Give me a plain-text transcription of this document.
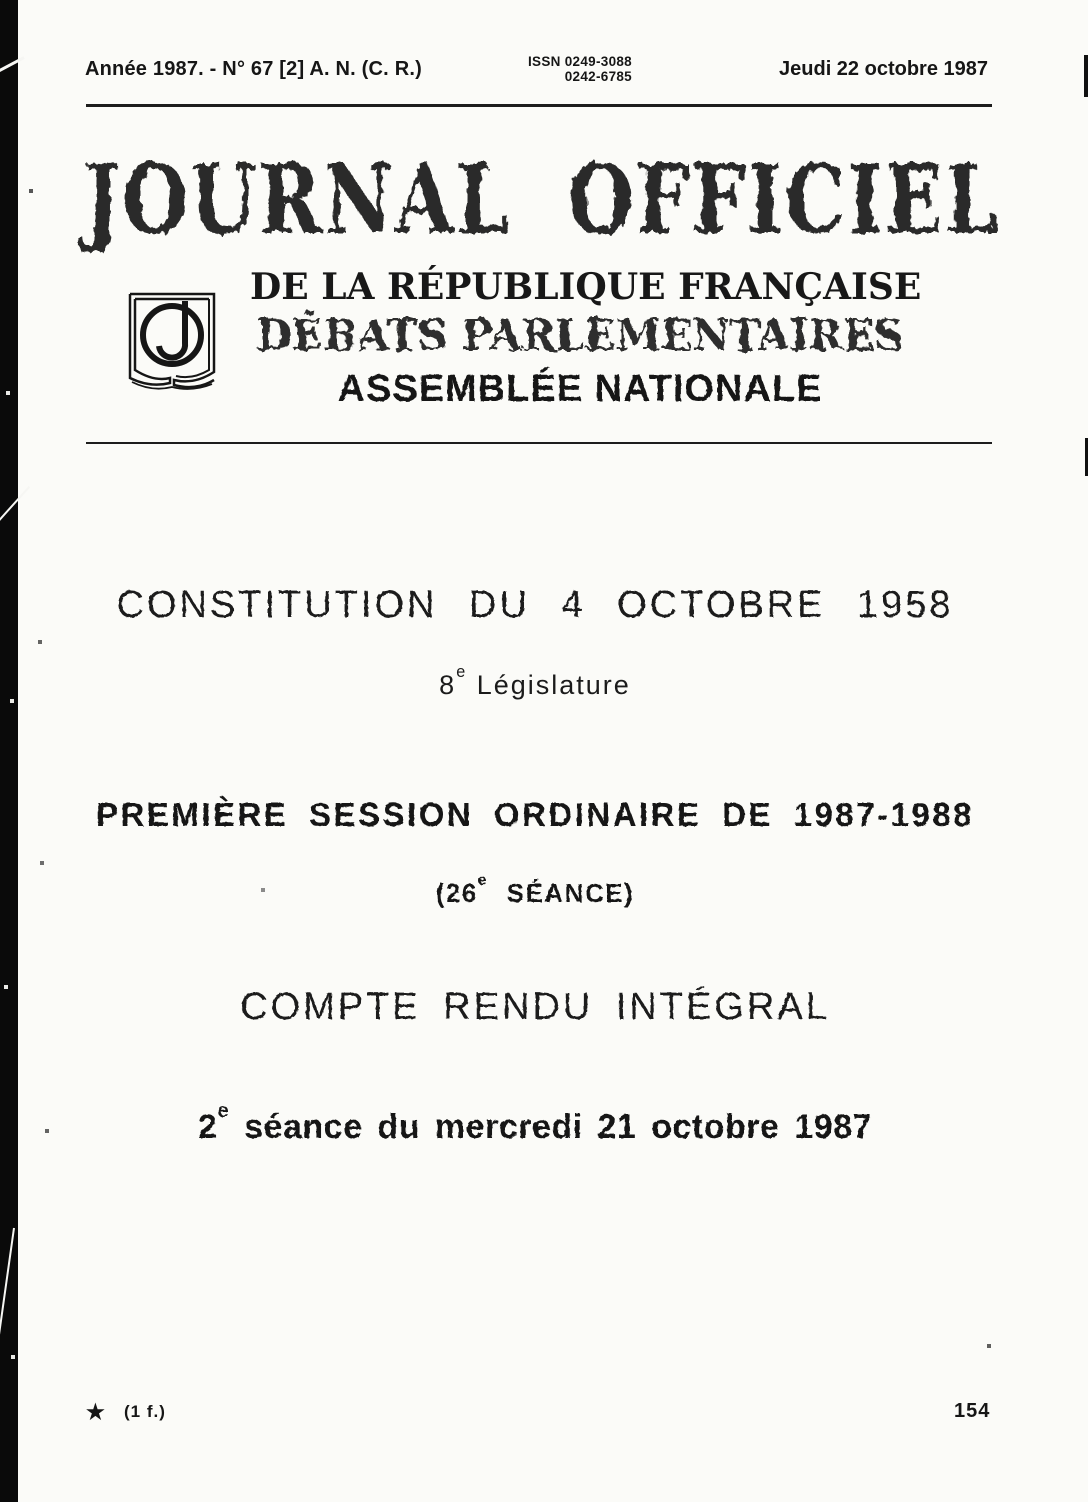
Année 1987. - N° 67 [2] A. N. (C. R.)	ISSN 0249-3088
0242-6785	Jeudi 22 octobre 1987
JOURNAL OFFICIEL
DE LA RÉPUBLIQUE FRANÇAISE
DÉBATS PARLEMENTAIRES
ASSEMBLÉE NATIONALE
CONSTITUTION DU 4 OCTOBRE 1958
8e Législature
PREMIÈRE SESSION ORDINAIRE DE 1987-1988
(26e SÉANCE)
COMPTE RENDU INTÉGRAL
2e séance du mercredi 21 octobre 1987
★ (1 f.)	154
